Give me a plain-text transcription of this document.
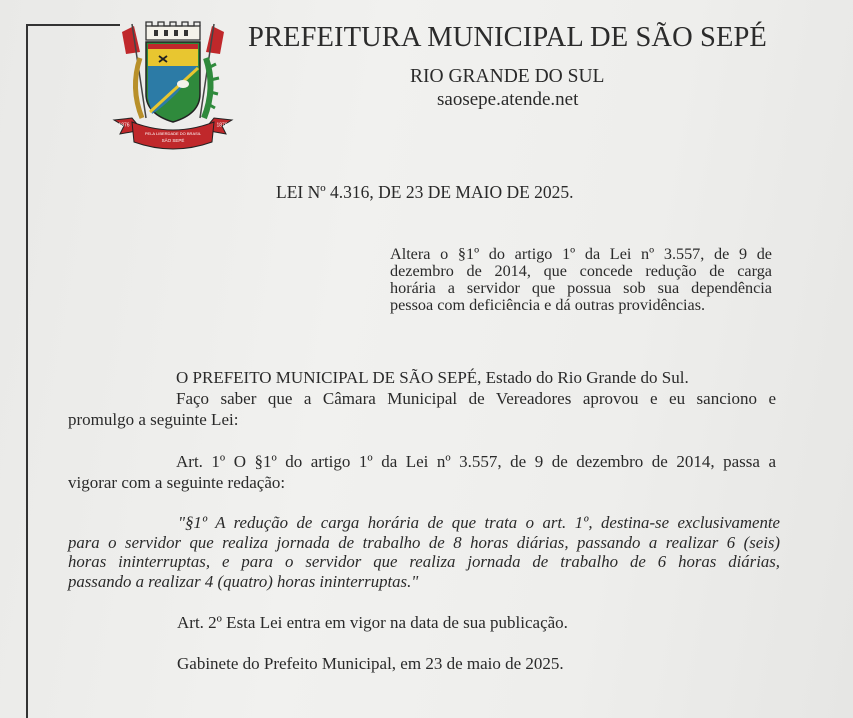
1876	1876
PELA LIBERDADE DO BRASIL
SÃO SEPÉ
PREFEITURA MUNICIPAL DE SÃO SEPÉ
RIO GRANDE DO SUL
saosepe.atende.net
LEI Nº 4.316, DE 23 DE MAIO DE 2025.
Altera o §1º do artigo 1º da Lei nº 3.557, de 9 de
dezembro de 2014, que concede redução de carga
horária a servidor que possua sob sua dependência
pessoa com deficiência e dá outras providências.
O PREFEITO MUNICIPAL DE SÃO SEPÉ, Estado do Rio Grande do Sul.
Faço saber que a Câmara Municipal de Vereadores aprovou e eu sanciono e
promulgo a seguinte Lei:
Art. 1º O §1º do artigo 1º da Lei nº 3.557, de 9 de dezembro de 2014, passa a
vigorar com a seguinte redação:
"§1º A redução de carga horária de que trata o art. 1º, destina-se exclusivamente
para o servidor que realiza jornada de trabalho de 8 horas diárias, passando a realizar 6 (seis)
horas ininterruptas, e para o servidor que realiza jornada de trabalho de 6 horas diárias,
passando a realizar 4 (quatro) horas ininterruptas."
Art. 2º Esta Lei entra em vigor na data de sua publicação.
Gabinete do Prefeito Municipal, em 23 de maio de 2025.
